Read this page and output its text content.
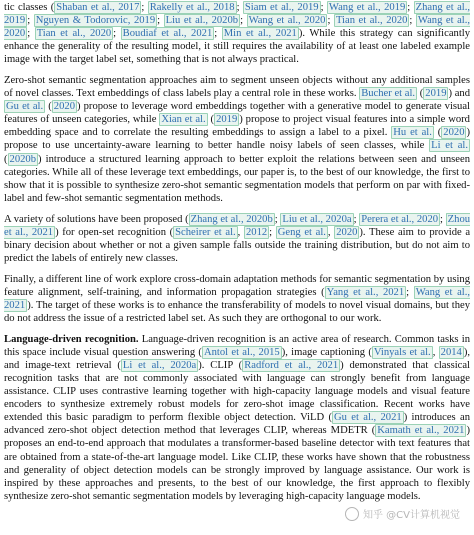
tic classes ( Shaban et al., 2017 ; Rakelly et al., 2018 ; Siam et al., 2019 ; Wang et al., 2019 ; Zhang et al., 2019 ; Nguyen & Todorovic, 2019 ; Liu et al., 2020b ; Wang et al., 2020 ; Tian et al., 2020 ; Wang et al., 2020 ; Tian et al., 2020 ; Boudiaf et al., 2021 ; Min et al., 2021 ). While this strategy can significantly enhance the generality of the resulting model, it still requires the availability of at least one labeled example image with the target label set, something that is not always practical.

Zero-shot semantic segmentation approaches aim to segment unseen objects without any additional samples of novel classes. Text embeddings of class labels play a central role in these works. Bucher et al. ( 2019 ) and Gu et al. ( 2020 ) propose to leverage word embeddings together with a generative model to generate visual features of unseen categories, while Xian et al. ( 2019 ) propose to project visual features into a simple word embedding space and to correlate the resulting embeddings to assign a label to a pixel. Hu et al. ( 2020 ) propose to use uncertainty-aware learning to better handle noisy labels of seen classes, while Li et al. ( 2020b ) introduce a structured learning approach to better exploit the relations between seen and unseen categories. While all of these leverage text embeddings, our paper is, to the best of our knowledge, the first to show that it is possible to synthesize zero-shot semantic segmentation models that perform on par with fixed-label and few-shot semantic segmentation methods.

A variety of solutions have been proposed ( Zhang et al., 2020b ; Liu et al., 2020a ; Perera et al., 2020 ; Zhou et al., 2021 ) for open-set recognition ( Scheirer et al. , 2012 ; Geng et al. , 2020 ). These aim to provide a binary decision about whether or not a given sample falls outside the training distribution, but do not aim to predict the labels of entirely new classes.

Finally, a different line of work explore cross-domain adaptation methods for semantic segmentation by using feature alignment, self-training, and information propagation strategies ( Yang et al., 2021 ; Wang et al., 2021 ). The target of these works is to enhance the transferability of models to novel visual domains, but they do not address the issue of a restricted label set. As such they are orthogonal to our work.

Language-driven recognition. Language-driven recognition is an active area of research. Common tasks in this space include visual question answering ( Antol et al., 2015 ), image captioning ( Vinyals et al. , 2014 ), and image-text retrieval ( Li et al., 2020a ). CLIP ( Radford et al., 2021 ) demonstrated that classical recognition tasks that are not commonly associated with language can strongly benefit from language assistance. CLIP uses contrastive learning together with high-capacity language models and visual feature encoders to synthesize extremely robust models for zero-shot image classification. Recent works have extended this basic paradigm to perform flexible object detection. ViLD ( Gu et al., 2021 ) introduces an advanced zero-shot object detection method that leverages CLIP, whereas MDETR ( Kamath et al., 2021 ) proposes an end-to-end approach that modulates a transformer-based baseline detector with text features that are obtained from a state-of-the-art language model. Like CLIP, these works have shown that the robustness and generality of object detection models can be strongly improved by language assistance. Our work is inspired by these approaches and presents, to the best of our knowledge, the first approach to flexibly synthesize zero-shot semantic segmentation models by leveraging high-capacity language models.

知乎 @CV计算机视觉
